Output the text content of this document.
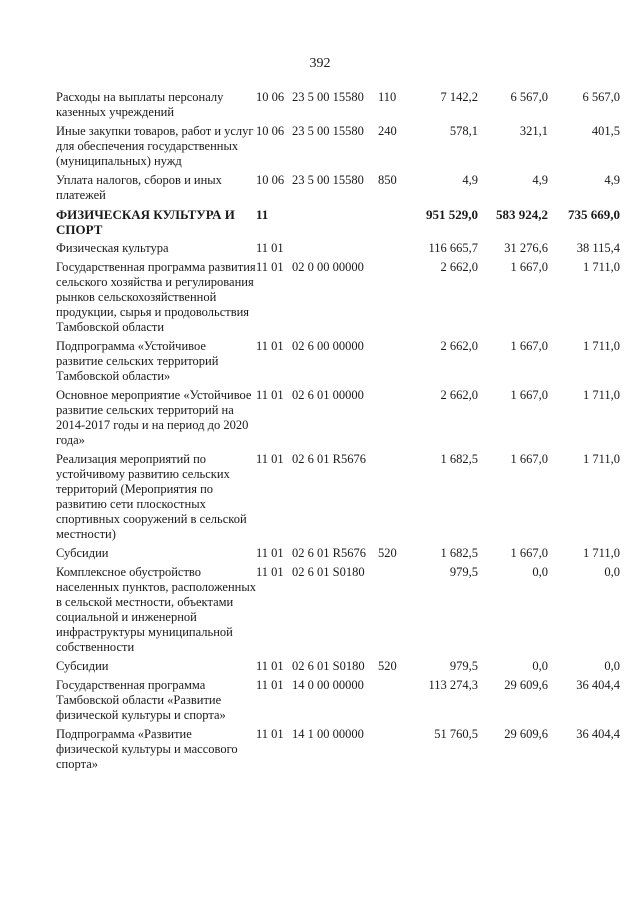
392
Расходы на выплаты персоналу казенных учреждений	10 06	23 5 00 15580	110	7 142,2	6 567,0	6 567,0
Иные закупки товаров, работ и услуг для обеспечения государственных (муниципальных) нужд	10 06	23 5 00 15580	240	578,1	321,1	401,5
Уплата налогов, сборов и иных платежей	10 06	23 5 00 15580	850	4,9	4,9	4,9
ФИЗИЧЕСКАЯ КУЛЬТУРА И СПОРТ	11			951 529,0	583 924,2	735 669,0
Физическая культура	11 01			116 665,7	31 276,6	38 115,4
Государственная программа развития сельского хозяйства и регулирования рынков сельскохозяйственной продукции, сырья и продовольствия Тамбовской области	11 01	02 0 00 00000		2 662,0	1 667,0	1 711,0
Подпрограмма «Устойчивое развитие сельских территорий Тамбовской области»	11 01	02 6 00 00000		2 662,0	1 667,0	1 711,0
Основное мероприятие «Устойчивое развитие сельских территорий на 2014-2017 годы и на период до 2020 года»	11 01	02 6 01 00000		2 662,0	1 667,0	1 711,0
Реализация мероприятий по устойчивому развитию сельских территорий (Мероприятия по развитию сети плоскостных спортивных сооружений в сельской местности)	11 01	02 6 01 R5676		1 682,5	1 667,0	1 711,0
Субсидии	11 01	02 6 01 R5676	520	1 682,5	1 667,0	1 711,0
Комплексное обустройство населенных пунктов, расположенных в сельской местности, объектами социальной и инженерной инфраструктуры муниципальной собственности	11 01	02 6 01 S0180		979,5	0,0	0,0
Субсидии	11 01	02 6 01 S0180	520	979,5	0,0	0,0
Государственная программа Тамбовской области «Развитие физической культуры и спорта»	11 01	14 0 00 00000		113 274,3	29 609,6	36 404,4
Подпрограмма «Развитие физической культуры и массового спорта»	11 01	14 1 00 00000		51 760,5	29 609,6	36 404,4
